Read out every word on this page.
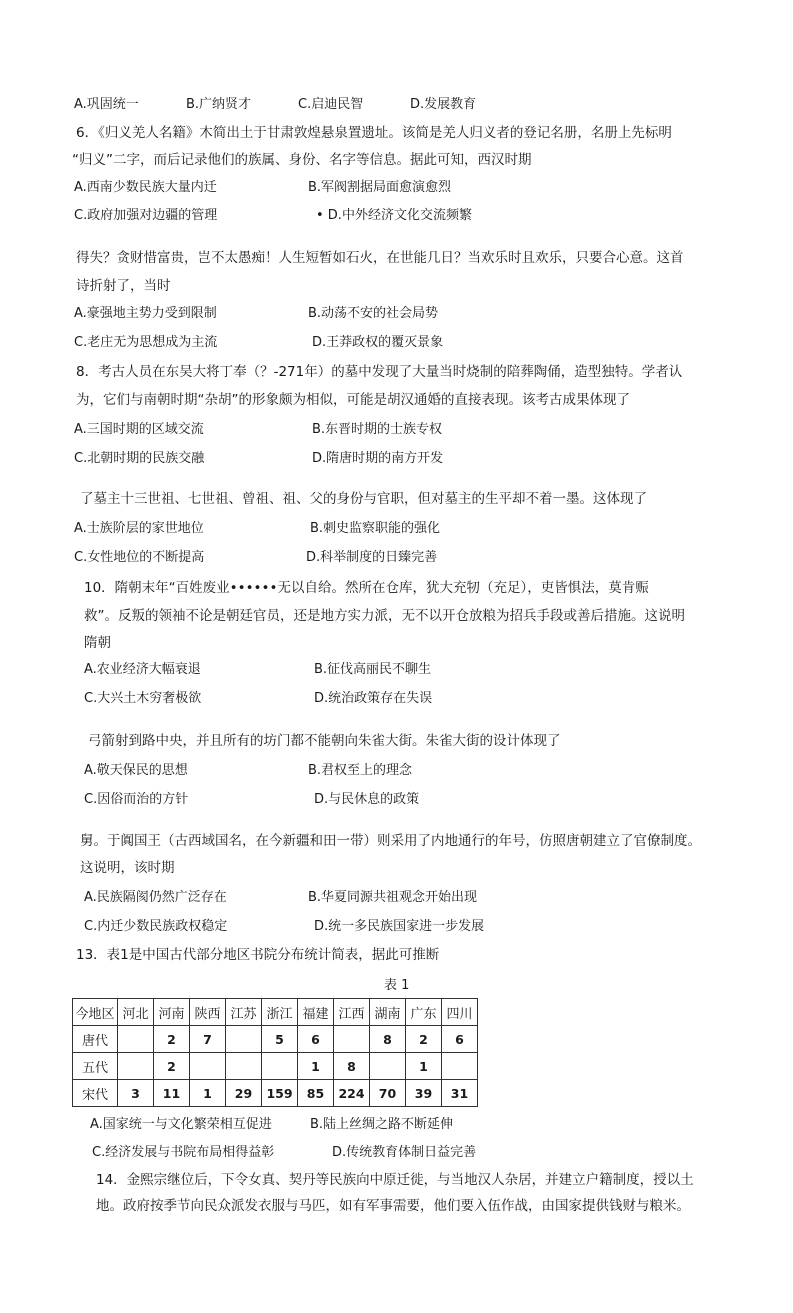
A.巩固统一	B.广纳贤才	C.启迪民智	D.发展教育
6．《归义羌人名籍》木简出土于甘肃敦煌悬泉置遗址。该简是羌人归义者的登记名册，名册上先标明
“归义”二字，而后记录他们的族属、身份、名字等信息。据此可知，西汉时期
A.西南少数民族大量内迁	B.军阀割据局面愈演愈烈
C.政府加强对边疆的管理	• D.中外经济文化交流频繁
得失？贪财惜富贵，岂不太愚痴！人生短暂如石火，在世能几日？当欢乐时且欢乐，只要合心意。这首
诗折射了，当时
A.豪强地主势力受到限制	B.动荡不安的社会局势
C.老庄无为思想成为主流	D.王莽政权的覆灭景象
8．考古人员在东吴大将丁奉（？-271年）的墓中发现了大量当时烧制的陪葬陶俑，造型独特。学者认
为，它们与南朝时期“杂胡”的形象颇为相似，可能是胡汉通婚的直接表现。该考古成果体现了
A.三国时期的区域交流	B.东晋时期的士族专权
C.北朝时期的民族交融	D.隋唐时期的南方开发
了墓主十三世祖、七世祖、曾祖、祖、父的身份与官职，但对墓主的生平却不着一墨。这体现了
A.士族阶层的家世地位	B.刺史监察职能的强化
C.女性地位的不断提高	D.科举制度的日臻完善
10．隋朝末年“百姓废业••••••无以自给。然所在仓库，犹大充牣（充足），吏皆惧法，莫肯赈
救”。反叛的领袖不论是朝廷官员，还是地方实力派，无不以开仓放粮为招兵手段或善后措施。这说明
隋朝
A.农业经济大幅衰退	B.征伐高丽民不聊生
C.大兴土木穷奢极欲	D.统治政策存在失误
弓箭射到路中央，并且所有的坊门都不能朝向朱雀大街。朱雀大街的设计体现了
A.敬天保民的思想	B.君权至上的理念
C.因俗而治的方针	D.与民休息的政策
舅。于阗国王（古西域国名，在今新疆和田一带）则采用了内地通行的年号，仿照唐朝建立了官僚制度。
这说明，该时期
A.民族隔阂仍然广泛存在	B.华夏同源共祖观念开始出现
C.内迁少数民族政权稳定	D.统一多民族国家进一步发展
13．表1是中国古代部分地区书院分布统计简表，据此可推断
表 1
今地区	河北	河南	陕西	江苏	浙江	福建	江西	湖南	广东	四川
唐代		2	7		5	6		8	2	6
五代		2				1	8		1	
宋代	3	11	1	29	159	85	224	70	39	31
A.国家统一与文化繁荣相互促进	B.陆上丝绸之路不断延伸
C.经济发展与书院布局相得益彰	D.传统教育体制日益完善
14．金熙宗继位后，下令女真、契丹等民族向中原迁徙，与当地汉人杂居，并建立户籍制度，授以土
地。政府按季节向民众派发衣服与马匹，如有军事需要，他们要入伍作战，由国家提供钱财与粮米。
